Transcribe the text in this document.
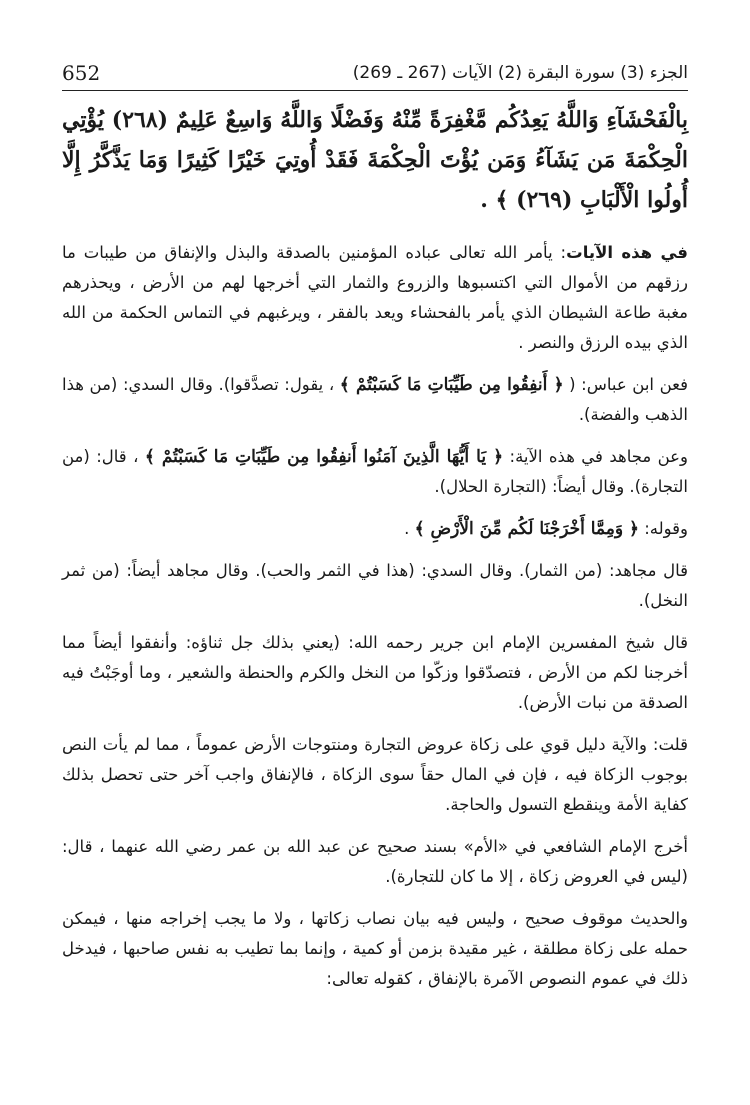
652	الجزء (3) سورة البقرة (2) الآيات (267 ـ 269)

بِالْفَحْشَآءِ وَاللَّهُ يَعِدُكُم مَّغْفِرَةً مِّنْهُ وَفَضْلًا وَاللَّهُ وَاسِعٌ عَلِيمٌ (٢٦٨) يُؤْتِي الْحِكْمَةَ مَن يَشَآءُ وَمَن يُؤْتَ الْحِكْمَةَ فَقَدْ أُوتِيَ خَيْرًا كَثِيرًا وَمَا يَذَّكَّرُ إِلَّا أُولُوا الْأَلْبَابِ (٢٦٩) ﴾ .

في هذه الآيات: يأمر الله تعالى عباده المؤمنين بالصدقة والبذل والإنفاق من طيبات ما رزقهم من الأموال التي اكتسبوها والزروع والثمار التي أخرجها لهم من الأرض ، ويحذرهم مغبة طاعة الشيطان الذي يأمر بالفحشاء ويعد بالفقر ، ويرغبهم في التماس الحكمة من الله الذي بيده الرزق والنصر .

فعن ابن عباس: ( ﴿ أَنفِقُوا مِن طَيِّبَاتِ مَا كَسَبْتُمْ ﴾ ، يقول: تصدَّقوا). وقال السدي: (من هذا الذهب والفضة).

وعن مجاهد في هذه الآية: ﴿ يَا أَيُّهَا الَّذِينَ آمَنُوا أَنفِقُوا مِن طَيِّبَاتِ مَا كَسَبْتُمْ ﴾ ، قال: (من التجارة). وقال أيضاً: (التجارة الحلال).

وقوله: ﴿ وَمِمَّا أَخْرَجْنَا لَكُم مِّنَ الْأَرْضِ ﴾ .

قال مجاهد: (من الثمار). وقال السدي: (هذا في الثمر والحب). وقال مجاهد أيضاً: (من ثمر النخل).

قال شيخ المفسرين الإمام ابن جرير رحمه الله: (يعني بذلك جل ثناؤه: وأنفقوا أيضاً مما أخرجنا لكم من الأرض ، فتصدّقوا وزكّوا من النخل والكرم والحنطة والشعير ، وما أوجَبْتُ فيه الصدقة من نبات الأرض).

قلت: والآية دليل قوي على زكاة عروض التجارة ومنتوجات الأرض عموماً ، مما لم يأت النص بوجوب الزكاة فيه ، فإن في المال حقاً سوى الزكاة ، فالإنفاق واجب آخر حتى تحصل بذلك كفاية الأمة وينقطع التسول والحاجة.

أخرج الإمام الشافعي في «الأم» بسند صحيح عن عبد الله بن عمر رضي الله عنهما ، قال: (ليس في العروض زكاة ، إلا ما كان للتجارة).

والحديث موقوف صحيح ، وليس فيه بيان نصاب زكاتها ، ولا ما يجب إخراجه منها ، فيمكن حمله على زكاة مطلقة ، غير مقيدة بزمن أو كمية ، وإنما بما تطيب به نفس صاحبها ، فيدخل ذلك في عموم النصوص الآمرة بالإنفاق ، كقوله تعالى:
